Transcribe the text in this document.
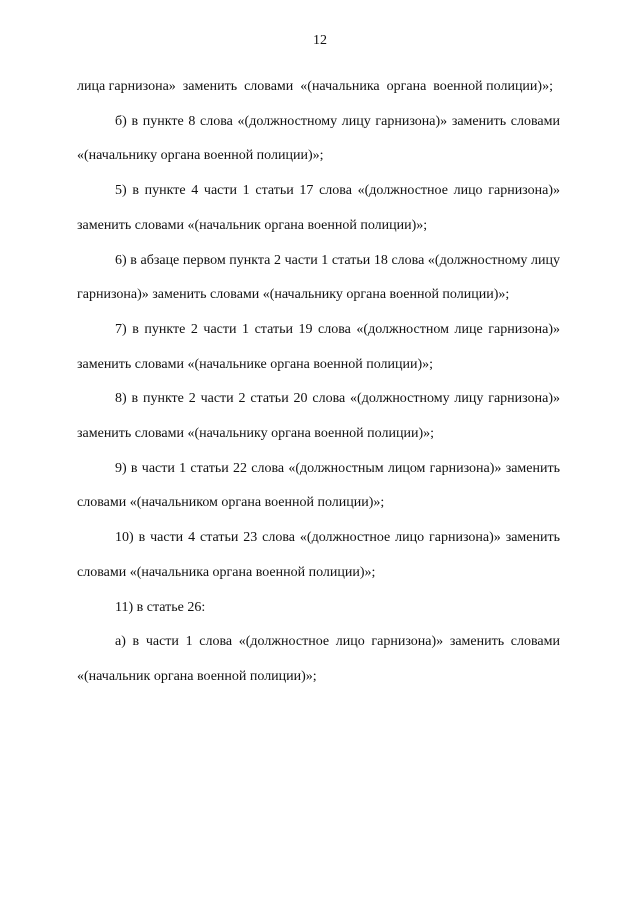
12

лица гарнизона»  заменить  словами  «(начальника  органа  военной полиции)»;

б) в пункте 8 слова «(должностному лицу гарнизона)» заменить словами «(начальнику органа военной полиции)»;

5) в пункте 4 части 1 статьи 17 слова «(должностное лицо гарнизона)» заменить словами «(начальник органа военной полиции)»;

6) в абзаце первом пункта 2 части 1 статьи 18 слова «(должностному лицу гарнизона)» заменить словами «(начальнику органа военной полиции)»;

7) в пункте 2 части 1 статьи 19 слова «(должностном лице гарнизона)» заменить словами «(начальнике органа военной полиции)»;

8) в пункте 2 части 2 статьи 20 слова «(должностному лицу гарнизона)» заменить словами «(начальнику органа военной полиции)»;

9) в части 1 статьи 22 слова «(должностным лицом гарнизона)» заменить словами «(начальником органа военной полиции)»;

10) в части 4 статьи 23 слова «(должностное лицо гарнизона)» заменить словами «(начальника органа военной полиции)»;

11) в статье 26:

а) в части 1 слова «(должностное лицо гарнизона)» заменить словами «(начальник органа военной полиции)»;
